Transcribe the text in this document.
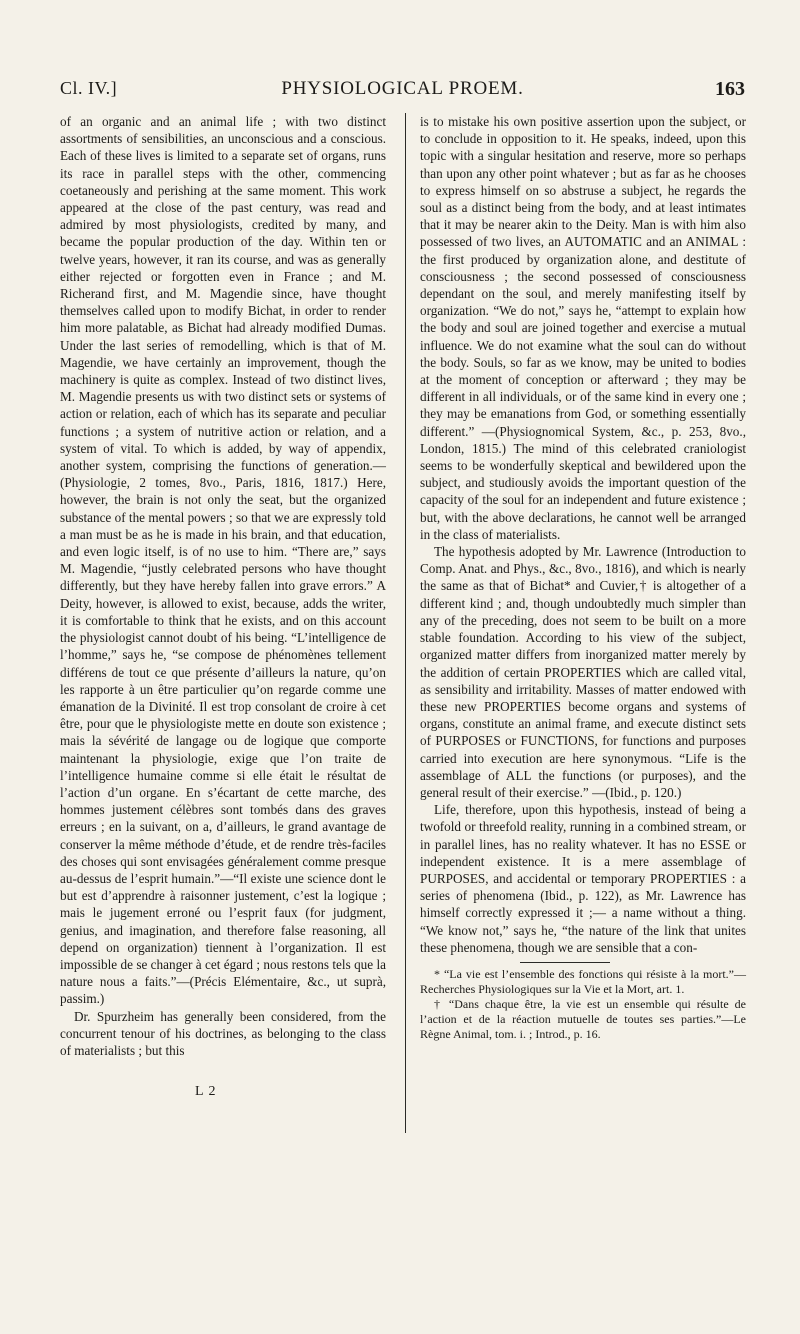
Cl. IV.]	PHYSIOLOGICAL PROEM.	163

of an organic and an animal life ; with two distinct assortments of sensibilities, an unconscious and a conscious. Each of these lives is limited to a separate set of organs, runs its race in parallel steps with the other, commencing coetaneously and perishing at the same moment. This work appeared at the close of the past century, was read and admired by most physiologists, credited by many, and became the popular production of the day. Within ten or twelve years, however, it ran its course, and was as generally either rejected or forgotten even in France ; and M. Richerand first, and M. Magendie since, have thought themselves called upon to modify Bichat, in order to render him more palatable, as Bichat had already modified Dumas. Under the last series of remodelling, which is that of M. Magendie, we have certainly an improvement, though the machinery is quite as complex. Instead of two distinct lives, M. Magendie presents us with two distinct sets or systems of action or relation, each of which has its separate and peculiar functions ; a system of nutritive action or relation, and a system of vital. To which is added, by way of appendix, another system, comprising the functions of generation.—(Physiologie, 2 tomes, 8vo., Paris, 1816, 1817.) Here, however, the brain is not only the seat, but the organized substance of the mental powers ; so that we are expressly told a man must be as he is made in his brain, and that education, and even logic itself, is of no use to him. “There are,” says M. Magendie, “justly celebrated persons who have thought differently, but they have hereby fallen into grave errors.” A Deity, however, is allowed to exist, because, adds the writer, it is comfortable to think that he exists, and on this account the physiologist cannot doubt of his being. “L’intelligence de l’homme,” says he, “se compose de phénomènes tellement différens de tout ce que présente d’ailleurs la nature, qu’on les rapporte à un être particulier qu’on regarde comme une émanation de la Divinité. Il est trop consolant de croire à cet être, pour que le physiologiste mette en doute son existence ; mais la sévérité de langage ou de logique que comporte maintenant la physiologie, exige que l’on traite de l’intelligence humaine comme si elle était le résultat de l’action d’un organe. En s’écartant de cette marche, des hommes justement célèbres sont tombés dans des graves erreurs ; en la suivant, on a, d’ailleurs, le grand avantage de conserver la même méthode d’étude, et de rendre très-faciles des choses qui sont envisagées généralement comme presque au-dessus de l’esprit humain.”—“Il existe une science dont le but est d’apprendre à raisonner justement, c’est la logique ; mais le jugement erroné ou l’esprit faux (for judgment, genius, and imagination, and therefore false reasoning, all depend on organization) tiennent à l’organization. Il est impossible de se changer à cet égard ; nous restons tels que la nature nous a faits.”—(Précis Elémentaire, &c., ut suprà, passim.)

Dr. Spurzheim has generally been considered, from the concurrent tenour of his doctrines, as belonging to the class of materialists ; but this

L 2

is to mistake his own positive assertion upon the subject, or to conclude in opposition to it. He speaks, indeed, upon this topic with a singular hesitation and reserve, more so perhaps than upon any other point whatever ; but as far as he chooses to express himself on so abstruse a subject, he regards the soul as a distinct being from the body, and at least intimates that it may be nearer akin to the Deity. Man is with him also possessed of two lives, an AUTOMATIC and an ANIMAL : the first produced by organization alone, and destitute of consciousness ; the second possessed of consciousness dependant on the soul, and merely manifesting itself by organization. “We do not,” says he, “attempt to explain how the body and soul are joined together and exercise a mutual influence. We do not examine what the soul can do without the body. Souls, so far as we know, may be united to bodies at the moment of conception or afterward ; they may be different in all individuals, or of the same kind in every one ; they may be emanations from God, or something essentially different.” —(Physiognomical System, &c., p. 253, 8vo., London, 1815.) The mind of this celebrated craniologist seems to be wonderfully skeptical and bewildered upon the subject, and studiously avoids the important question of the capacity of the soul for an independent and future existence ; but, with the above declarations, he cannot well be arranged in the class of materialists.

The hypothesis adopted by Mr. Lawrence (Introduction to Comp. Anat. and Phys., &c., 8vo., 1816), and which is nearly the same as that of Bichat* and Cuvier,† is altogether of a different kind ; and, though undoubtedly much simpler than any of the preceding, does not seem to be built on a more stable foundation. According to his view of the subject, organized matter differs from inorganized matter merely by the addition of certain PROPERTIES which are called vital, as sensibility and irritability. Masses of matter endowed with these new PROPERTIES become organs and systems of organs, constitute an animal frame, and execute distinct sets of PURPOSES or FUNCTIONS, for functions and purposes carried into execution are here synonymous. “Life is the assemblage of ALL the functions (or purposes), and the general result of their exercise.” —(Ibid., p. 120.)

Life, therefore, upon this hypothesis, instead of being a twofold or threefold reality, running in a combined stream, or in parallel lines, has no reality whatever. It has no ESSE or independent existence. It is a mere assemblage of PURPOSES, and accidental or temporary PROPERTIES : a series of phenomena (Ibid., p. 122), as Mr. Lawrence has himself correctly expressed it ;— a name without a thing. “We know not,” says he, “the nature of the link that unites these phenomena, though we are sensible that a con-

* “La vie est l’ensemble des fonctions qui résiste à la mort.”—Recherches Physiologiques sur la Vie et la Mort, art. 1.

† “Dans chaque être, la vie est un ensemble qui résulte de l’action et de la réaction mutuelle de toutes ses parties.”—Le Règne Animal, tom. i. ; Introd., p. 16.
